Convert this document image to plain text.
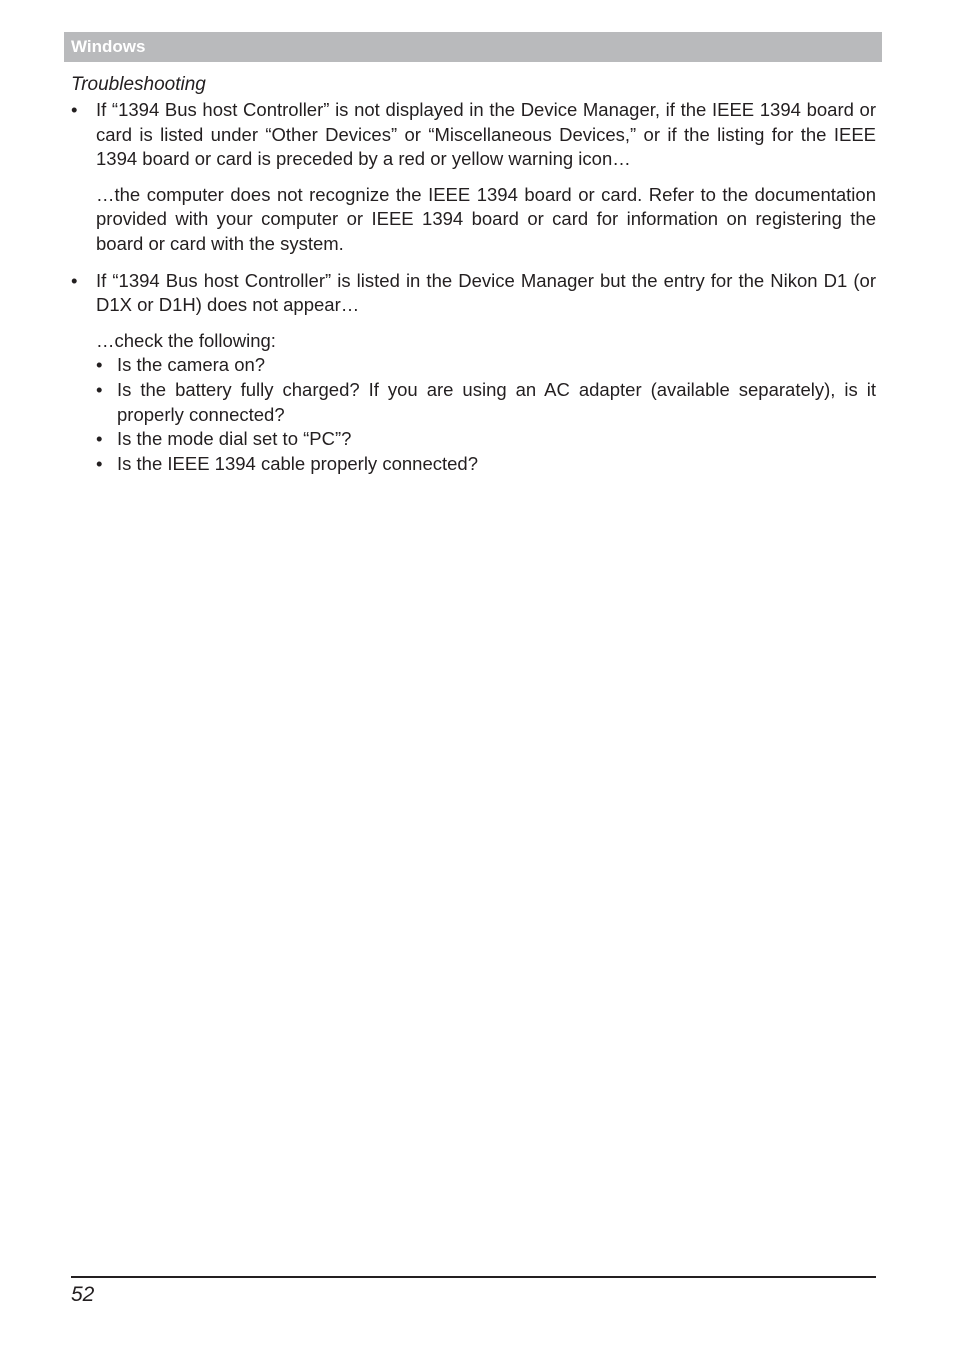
Windows
Troubleshooting
• If “1394 Bus host Controller” is not displayed in the Device Manager, if the IEEE 1394 board or card is listed under “Other Devices” or “Miscellaneous Devices,” or if the listing for the IEEE 1394 board or card is preceded by a red or yellow warning icon…
…the computer does not recognize the IEEE 1394 board or card. Refer to the documentation provided with your computer or IEEE 1394 board or card for information on registering the board or card with the system.
• If “1394 Bus host Controller” is listed in the Device Manager but the entry for the Nikon D1 (or D1X or D1H) does not appear…
…check the following:
• Is the camera on?
• Is the battery fully charged? If you are using an AC adapter (available separately), is it properly connected?
• Is the mode dial set to “PC”?
• Is the IEEE 1394 cable properly connected?
52
